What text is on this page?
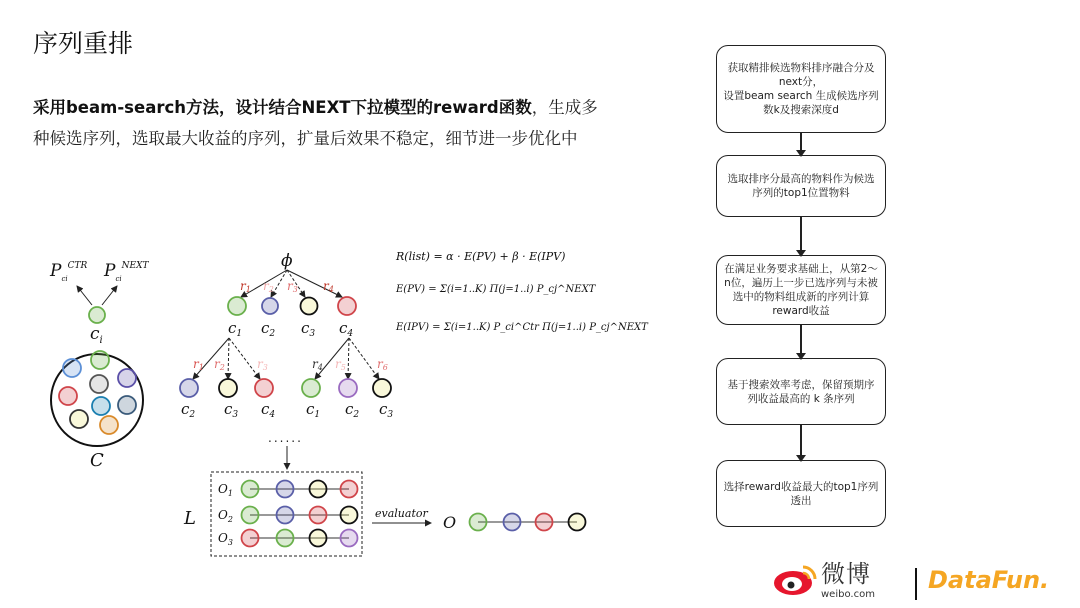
序列重排
采用beam-search方法，设计结合NEXT下拉模型的reward函数，生成多种候选序列，选取最大收益的序列，扩量后效果不稳定，细节进一步优化中
$P_{ci}^{CTR}$ $P_{ci}^{NEXT}$
$c_i$
C
ϕ
$c_1$ $c_2$ $c_3$ $c_4$
$c_2$ $c_3$ $c_4$ $c_1$ $c_2$ $c_3$
r1 r2 r3 r4
r1 r2	r3	r4 r5	r6
......
R(list) = α · E(PV) + β · E(IPV)
E(PV) = Σ(i=1..K) Π(j=1..i) P_cj^NEXT
E(IPV) = Σ(i=1..K) P_ci^Ctr Π(j=1..i) P_cj^NEXT
L
$O_1$
$O_2$
$O_3$
evaluator O
获取精排候选物料排序融合分及next分，
设置beam search 生成候选序列数k及搜索深度d
选取排序分最高的物料作为候选序列的top1位置物料
在满足业务要求基础上，从第2～n位，遍历上一步已选序列与未被选中的物料组成新的序列计算reward收益
基于搜索效率考虑，保留预期序列收益最高的 k 条序列
选择reward收益最大的top1序列透出
微博
weibo.com
DataFun.
